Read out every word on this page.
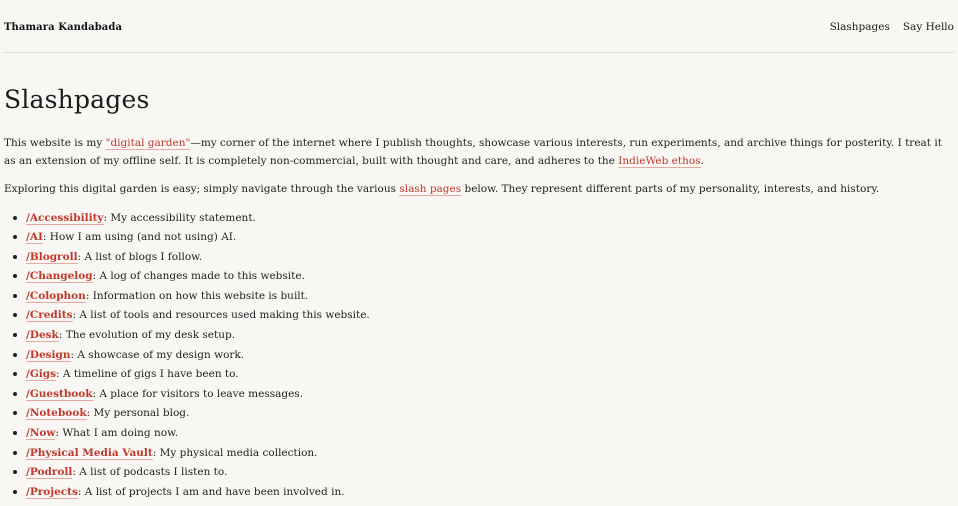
Thamara Kandabada	Slashpages Say Hello
Slashpages

This website is my "digital garden"—my corner of the internet where I publish thoughts, showcase various interests, run experiments, and archive things for posterity. I treat it as an extension of my offline self. It is completely non-commercial, built with thought and care, and adheres to the IndieWeb ethos.

Exploring this digital garden is easy; simply navigate through the various slash pages below. They represent different parts of my personality, interests, and history.

/Accessibility: My accessibility statement.
/AI: How I am using (and not using) AI.
/Blogroll: A list of blogs I follow.
/Changelog: A log of changes made to this website.
/Colophon: Information on how this website is built.
/Credits: A list of tools and resources used making this website.
/Desk: The evolution of my desk setup.
/Design: A showcase of my design work.
/Gigs: A timeline of gigs I have been to.
/Guestbook: A place for visitors to leave messages.
/Notebook: My personal blog.
/Now: What I am doing now.
/Physical Media Vault: My physical media collection.
/Podroll: A list of podcasts I listen to.
/Projects: A list of projects I am and have been involved in.
